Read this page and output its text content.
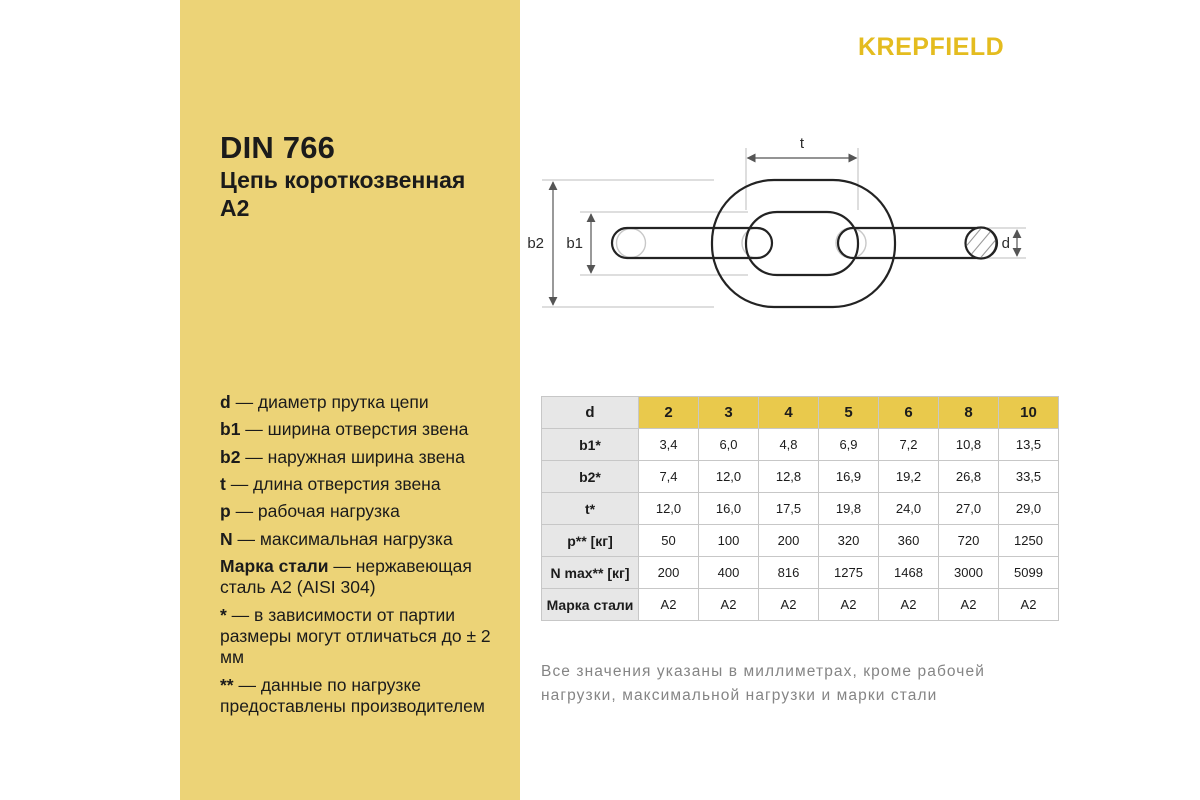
DIN 766
Цепь короткозвенная
A2
d — диаметр прутка цепи
b1 — ширина отверстия звена
b2 — наружная ширина звена
t — длина отверстия звена
p — рабочая нагрузка
N — максимальная нагрузка
Марка стали — нержавеющая сталь A2 (AISI 304)
* — в зависимости от партии размеры могут отличаться до ± 2 мм
** — данные по нагрузке предоставлены производителем
KREPFIELD
t
b2 b1	d
d	2	3	4	5	6	8	10
b1*	3,4	6,0	4,8	6,9	7,2	10,8	13,5
b2*	7,4	12,0	12,8	16,9	19,2	26,8	33,5
t*	12,0	16,0	17,5	19,8	24,0	27,0	29,0
p** [кг]	50	100	200	320	360	720	1250
N max** [кг]	200	400	816	1275	1468	3000	5099
Марка стали	A2	A2	A2	A2	A2	A2	A2

Все значения указаны в миллиметрах, кроме рабочей нагрузки, максимальной нагрузки и марки стали
